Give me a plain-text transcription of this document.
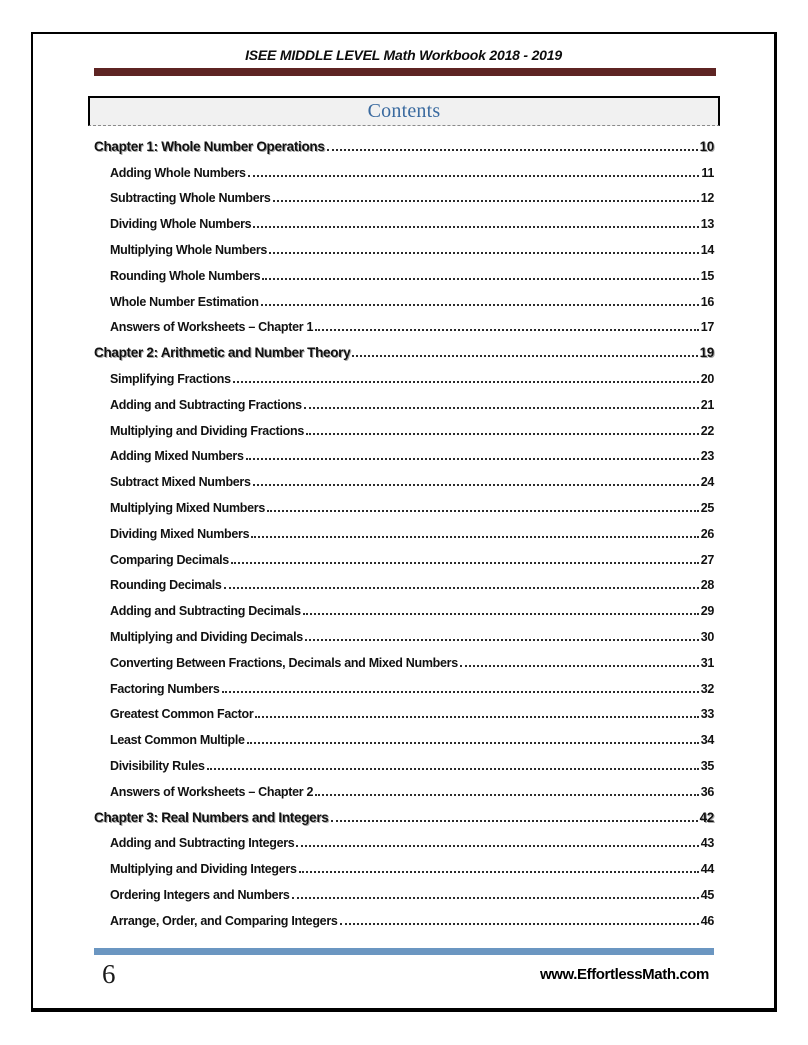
ISEE MIDDLE LEVEL Math Workbook 2018 - 2019
Contents
Chapter 1: Whole Number Operations	10
Adding Whole Numbers	11
Subtracting Whole Numbers	12
Dividing Whole Numbers	13
Multiplying Whole Numbers	14
Rounding Whole Numbers	15
Whole Number Estimation	16
Answers of Worksheets – Chapter 1	17
Chapter 2: Arithmetic and Number Theory	19
Simplifying Fractions	20
Adding and Subtracting Fractions	21
Multiplying and Dividing Fractions	22
Adding Mixed Numbers	23
Subtract Mixed Numbers	24
Multiplying Mixed Numbers	25
Dividing Mixed Numbers	26
Comparing Decimals	27
Rounding Decimals	28
Adding and Subtracting Decimals	29
Multiplying and Dividing Decimals	30
Converting Between Fractions, Decimals and Mixed Numbers	31
Factoring Numbers	32
Greatest Common Factor	33
Least Common Multiple	34
Divisibility Rules	35
Answers of Worksheets – Chapter 2	36
Chapter 3: Real Numbers and Integers	42
Adding and Subtracting Integers	43
Multiplying and Dividing Integers	44
Ordering Integers and Numbers	45
Arrange, Order, and Comparing Integers	46
6	www.EffortlessMath.com
